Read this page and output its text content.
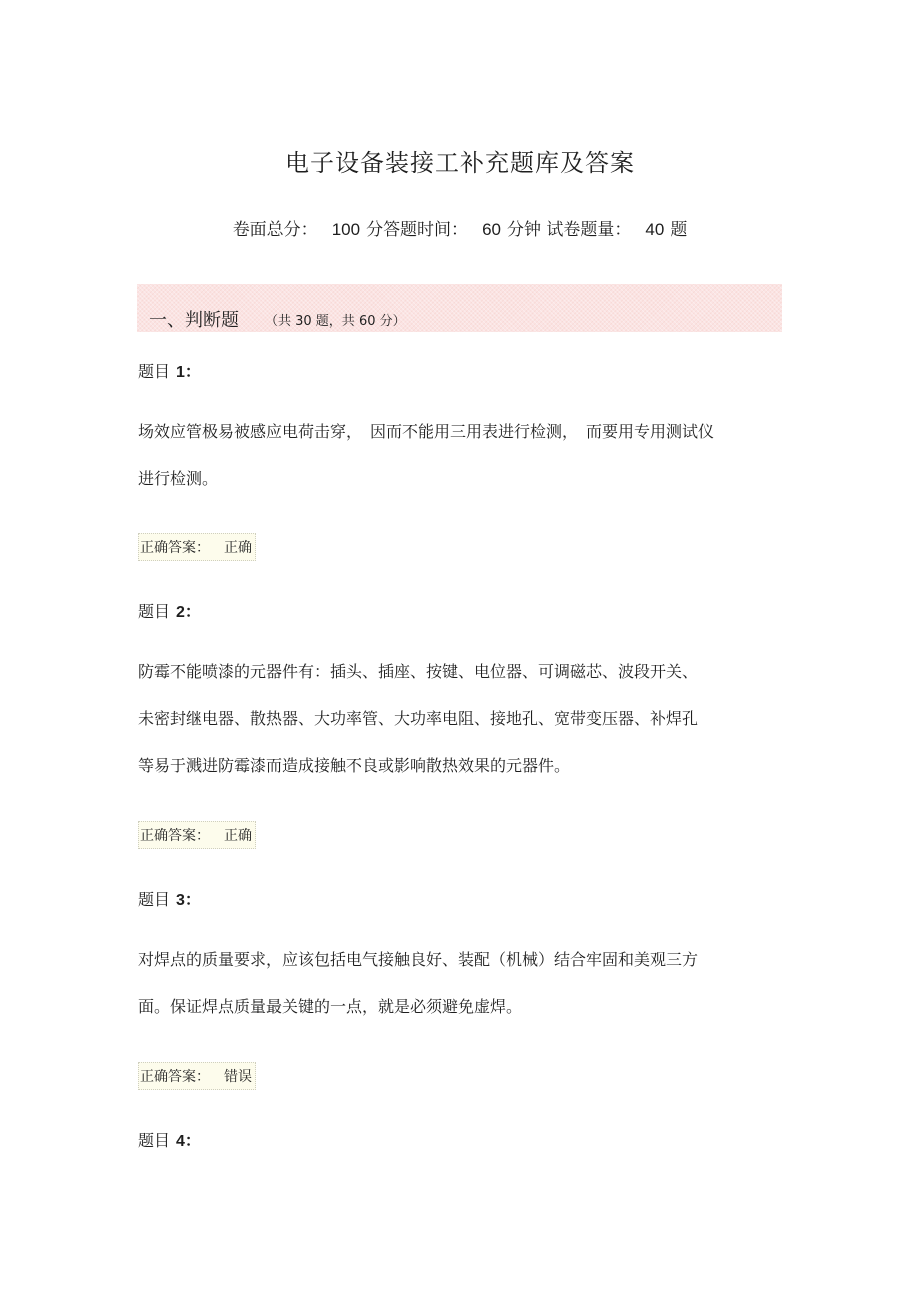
电子设备装接工补充题库及答案
卷面总分： 100 分答题时间： 60 分钟 试卷题量： 40 题
一、判断题 （共 30 题，共 60 分）
题目 1：
场效应管极易被感应电荷击穿，　因而不能用三用表进行检测，　而要用专用测试仪
进行检测。
正确答案： 正确
题目 2：
防霉不能喷漆的元器件有：插头、插座、按键、电位器、可调磁芯、波段开关、
未密封继电器、散热器、大功率管、大功率电阻、接地孔、宽带变压器、补焊孔
等易于溅进防霉漆而造成接触不良或影响散热效果的元器件。
正确答案： 正确
题目 3：
对焊点的质量要求，应该包括电气接触良好、装配（机械）结合牢固和美观三方
面。保证焊点质量最关键的一点，就是必须避免虚焊。
正确答案： 错误
题目 4：
